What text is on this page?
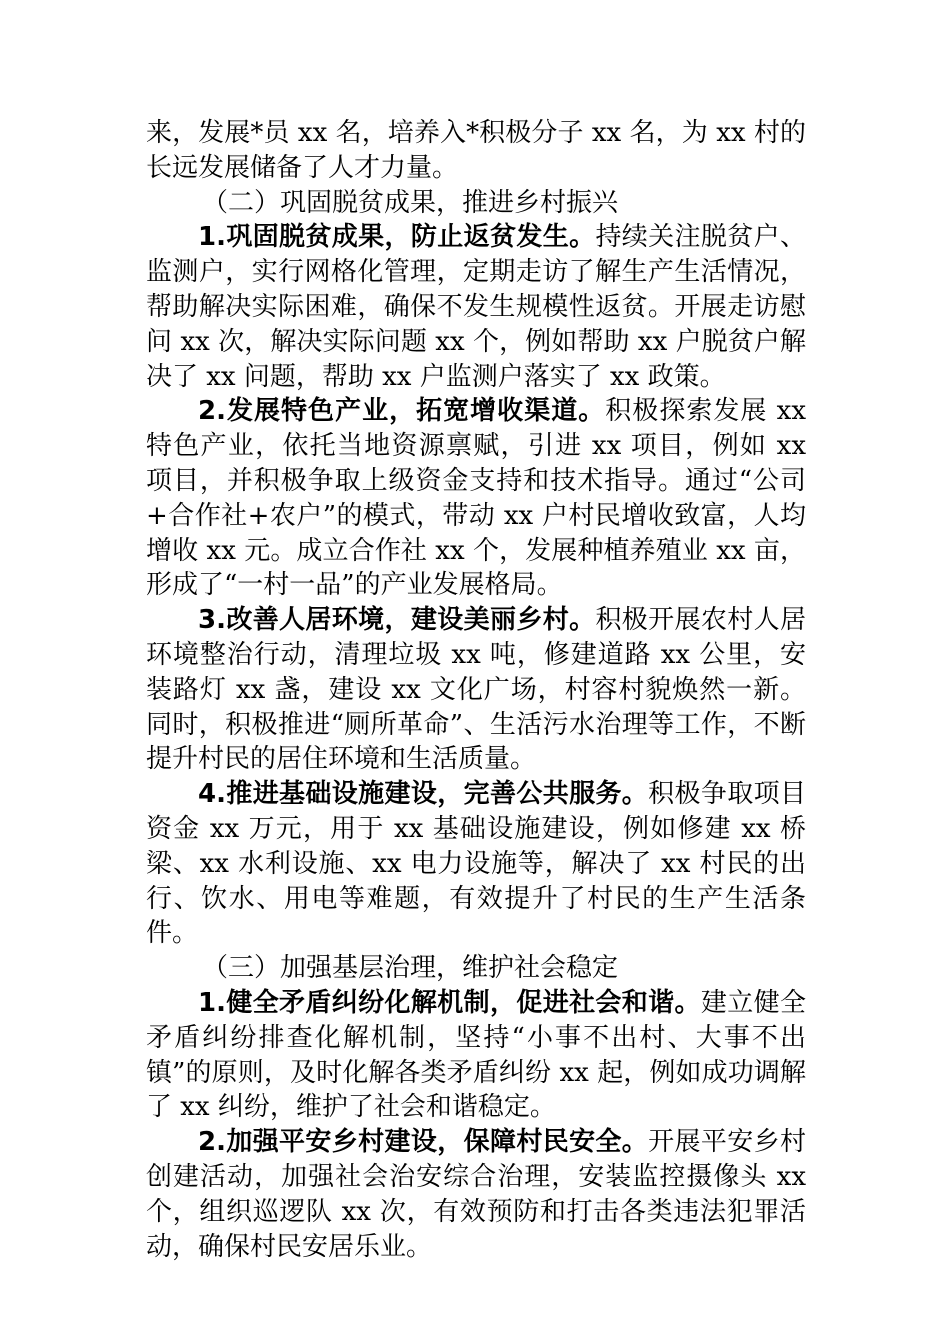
来，发展*员 xx 名，培养入*积极分子 xx 名，为 xx 村的长远发展储备了人才力量。

（二）巩固脱贫成果，推进乡村振兴

1.巩固脱贫成果，防止返贫发生。持续关注脱贫户、监测户，实行网格化管理，定期走访了解生产生活情况，帮助解决实际困难，确保不发生规模性返贫。开展走访慰问 xx 次，解决实际问题 xx 个，例如帮助 xx 户脱贫户解决了 xx 问题，帮助 xx 户监测户落实了 xx 政策。

2.发展特色产业，拓宽增收渠道。积极探索发展 xx 特色产业，依托当地资源禀赋，引进 xx 项目，例如 xx 项目，并积极争取上级资金支持和技术指导。通过“公司+合作社+农户”的模式，带动 xx 户村民增收致富，人均增收 xx 元。成立合作社 xx 个，发展种植养殖业 xx 亩，形成了“一村一品”的产业发展格局。

3.改善人居环境，建设美丽乡村。积极开展农村人居环境整治行动，清理垃圾 xx 吨，修建道路 xx 公里，安装路灯 xx 盏，建设 xx 文化广场，村容村貌焕然一新。同时，积极推进“厕所革命”、生活污水治理等工作，不断提升村民的居住环境和生活质量。

4.推进基础设施建设，完善公共服务。积极争取项目资金 xx 万元，用于 xx 基础设施建设，例如修建 xx 桥梁、xx 水利设施、xx 电力设施等，解决了 xx 村民的出行、饮水、用电等难题，有效提升了村民的生产生活条件。

（三）加强基层治理，维护社会稳定

1.健全矛盾纠纷化解机制，促进社会和谐。建立健全矛盾纠纷排查化解机制，坚持“小事不出村、大事不出镇”的原则，及时化解各类矛盾纠纷 xx 起，例如成功调解了 xx 纠纷，维护了社会和谐稳定。

2.加强平安乡村建设，保障村民安全。开展平安乡村创建活动，加强社会治安综合治理，安装监控摄像头 xx 个，组织巡逻队 xx 次，有效预防和打击各类违法犯罪活动，确保村民安居乐业。
